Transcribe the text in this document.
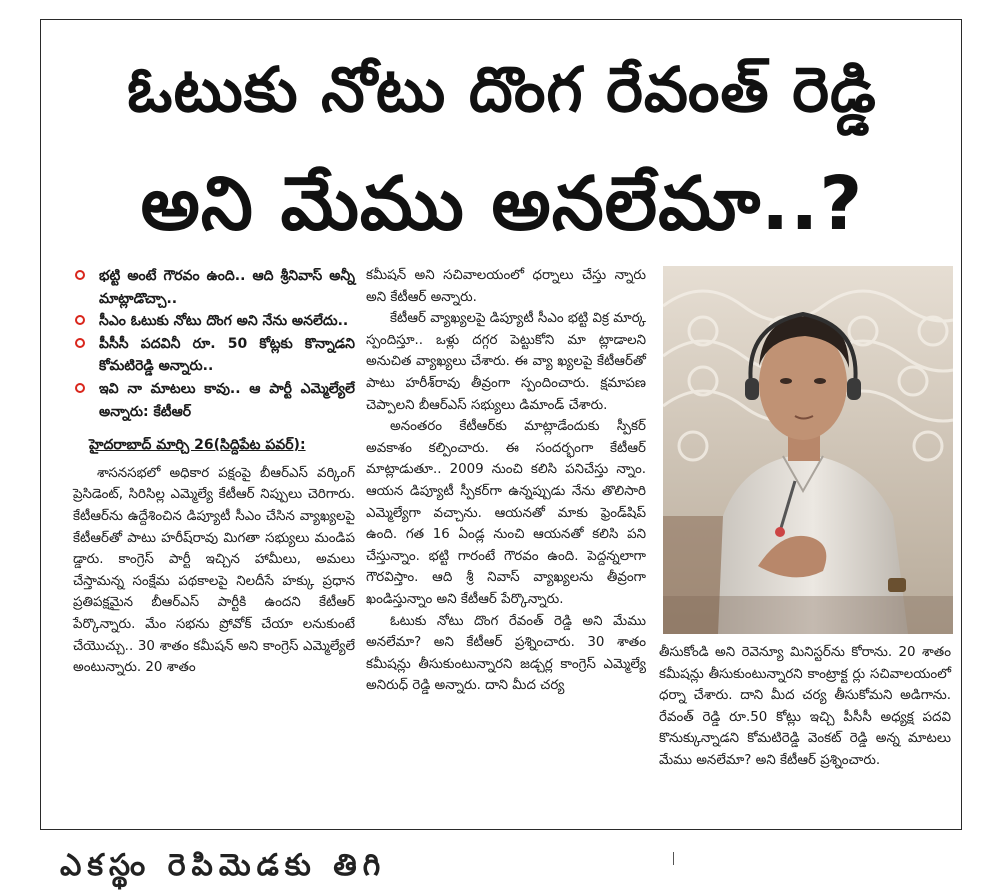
ఓటుకు నోటు దొంగ రేవంత్ రెడ్డి
అని మేము అనలేమా..?
భట్టి అంటే గౌరవం ఉంది.. ఆది శ్రీనివాస్ అన్నీ మాట్లాడొచ్చా..
సీఎం ఓటుకు నోటు దొంగ అని నేను అనలేదు..
పీసీసీ పదవినీ రూ. 50 కోట్లకు కొన్నాడని కోమటిరెడ్డి అన్నారు..
ఇవి నా మాటలు కావు.. ఆ పార్టీ ఎమ్మెల్యేలే అన్నారు: కేటీఆర్
హైదరాబాద్ మార్చి 26(సిద్దిపేట పవర్):

శాసనసభలో అధికార పక్షంపై బీఆర్ఎస్ వర్కింగ్ ప్రెసిడెంట్, సిరిసిల్ల ఎమ్మెల్యే కేటీఆర్ నిప్పులు చెరిగారు. కేటీఆర్‌ను ఉద్దేశించిన డిప్యూటీ సీఎం చేసిన వ్యాఖ్యలపై కేటీఆర్‌తో పాటు హరీష్‌రావు మిగతా సభ్యులు మండిప డ్డారు. కాంగ్రెస్ పార్టీ ఇచ్చిన హామీలు, అమలు చేస్తామన్న సంక్షేమ పథకాలపై నిలదీసే హక్కు ప్రధాన ప్రతిపక్షమైన బీఆర్ఎస్ పార్టీకి ఉందని కేటీఆర్ పేర్కొన్నారు. మేం సభను ప్రోవోక్ చేయా లనుకుంటే చేయొచ్చు.. 30 శాతం కమీషన్ అని కాంగ్రెస్ ఎమ్మెల్యేలే అంటున్నారు. 20 శాతం

కమీషన్ అని సచివాలయంలో ధర్నాలు చేస్తు న్నారు అని కేటీఆర్ అన్నారు.

కేటీఆర్ వ్యాఖ్యలపై డిప్యూటీ సీఎం భట్టి విక్ర మార్క స్పందిస్తూ.. ఒళ్లు దగ్గర పెట్టుకోని మా ట్లాడాలని అనుచిత వ్యాఖ్యలు చేశారు. ఈ వ్యా ఖ్యలపై కేటీఆర్‌తో పాటు హరీశ్‌రావు తీవ్రంగా స్పందించారు. క్షమాపణ చెప్పాలని బీఆర్ఎస్ సభ్యులు డిమాండ్ చేశారు.

అనంతరం కేటీఆర్‌కు మాట్లాడేందుకు స్పీకర్ అవకాశం కల్పించారు. ఈ సందర్భంగా కేటీఆర్ మాట్లాడుతూ.. 2009 నుంచి కలిసి పనిచేస్తు న్నాం. ఆయన డిప్యూటీ స్పీకర్‌గా ఉన్నప్పుడు నేను తొలిసారి ఎమ్మెల్యేగా వచ్చాను. ఆయనతో మాకు ఫ్రెండ్‌షిప్ ఉంది. గత 16 ఏండ్ల నుంచి ఆయనతో కలిసి పని చేస్తున్నాం. భట్టి గారంటే గౌరవం ఉంది. పెద్దన్నలాగా గౌరవిస్తాం. ఆది శ్రీ నివాస్ వ్యాఖ్యలను తీవ్రంగా ఖండిస్తున్నాం అని కేటీఆర్ పేర్కొన్నారు.

ఓటుకు నోటు దొంగ రేవంత్ రెడ్డి అని మేము అనలేమా? అని కేటీఆర్ ప్రశ్నించారు. 30 శాతం కమీషన్లు తీసుకుంటున్నారని జడ్చర్ల కాంగ్రెస్ ఎమ్మెల్యే అనిరుధ్ రెడ్డి అన్నారు. దాని మీద చర్య

తీసుకోండి అని రెవెన్యూ మినిస్టర్‌ను కోరాను. 20 శాతం కమీషన్లు తీసుకుంటున్నారని కాంట్రాక్ట ర్లు సచివాలయంలో ధర్నా చేశారు. దాని మీద చర్య తీసుకోమని అడిగాను. రేవంత్ రెడ్డి రూ.50 కోట్లు ఇచ్చి పీసీసీ అధ్యక్ష పదవి కొనుక్కున్నాడని కోమటిరెడ్డి వెంకట్ రెడ్డి అన్న మాటలు మేము అనలేమా? అని కేటీఆర్ ప్రశ్నించారు.

ఎకస్థం రెపిమెడకు తిగి
